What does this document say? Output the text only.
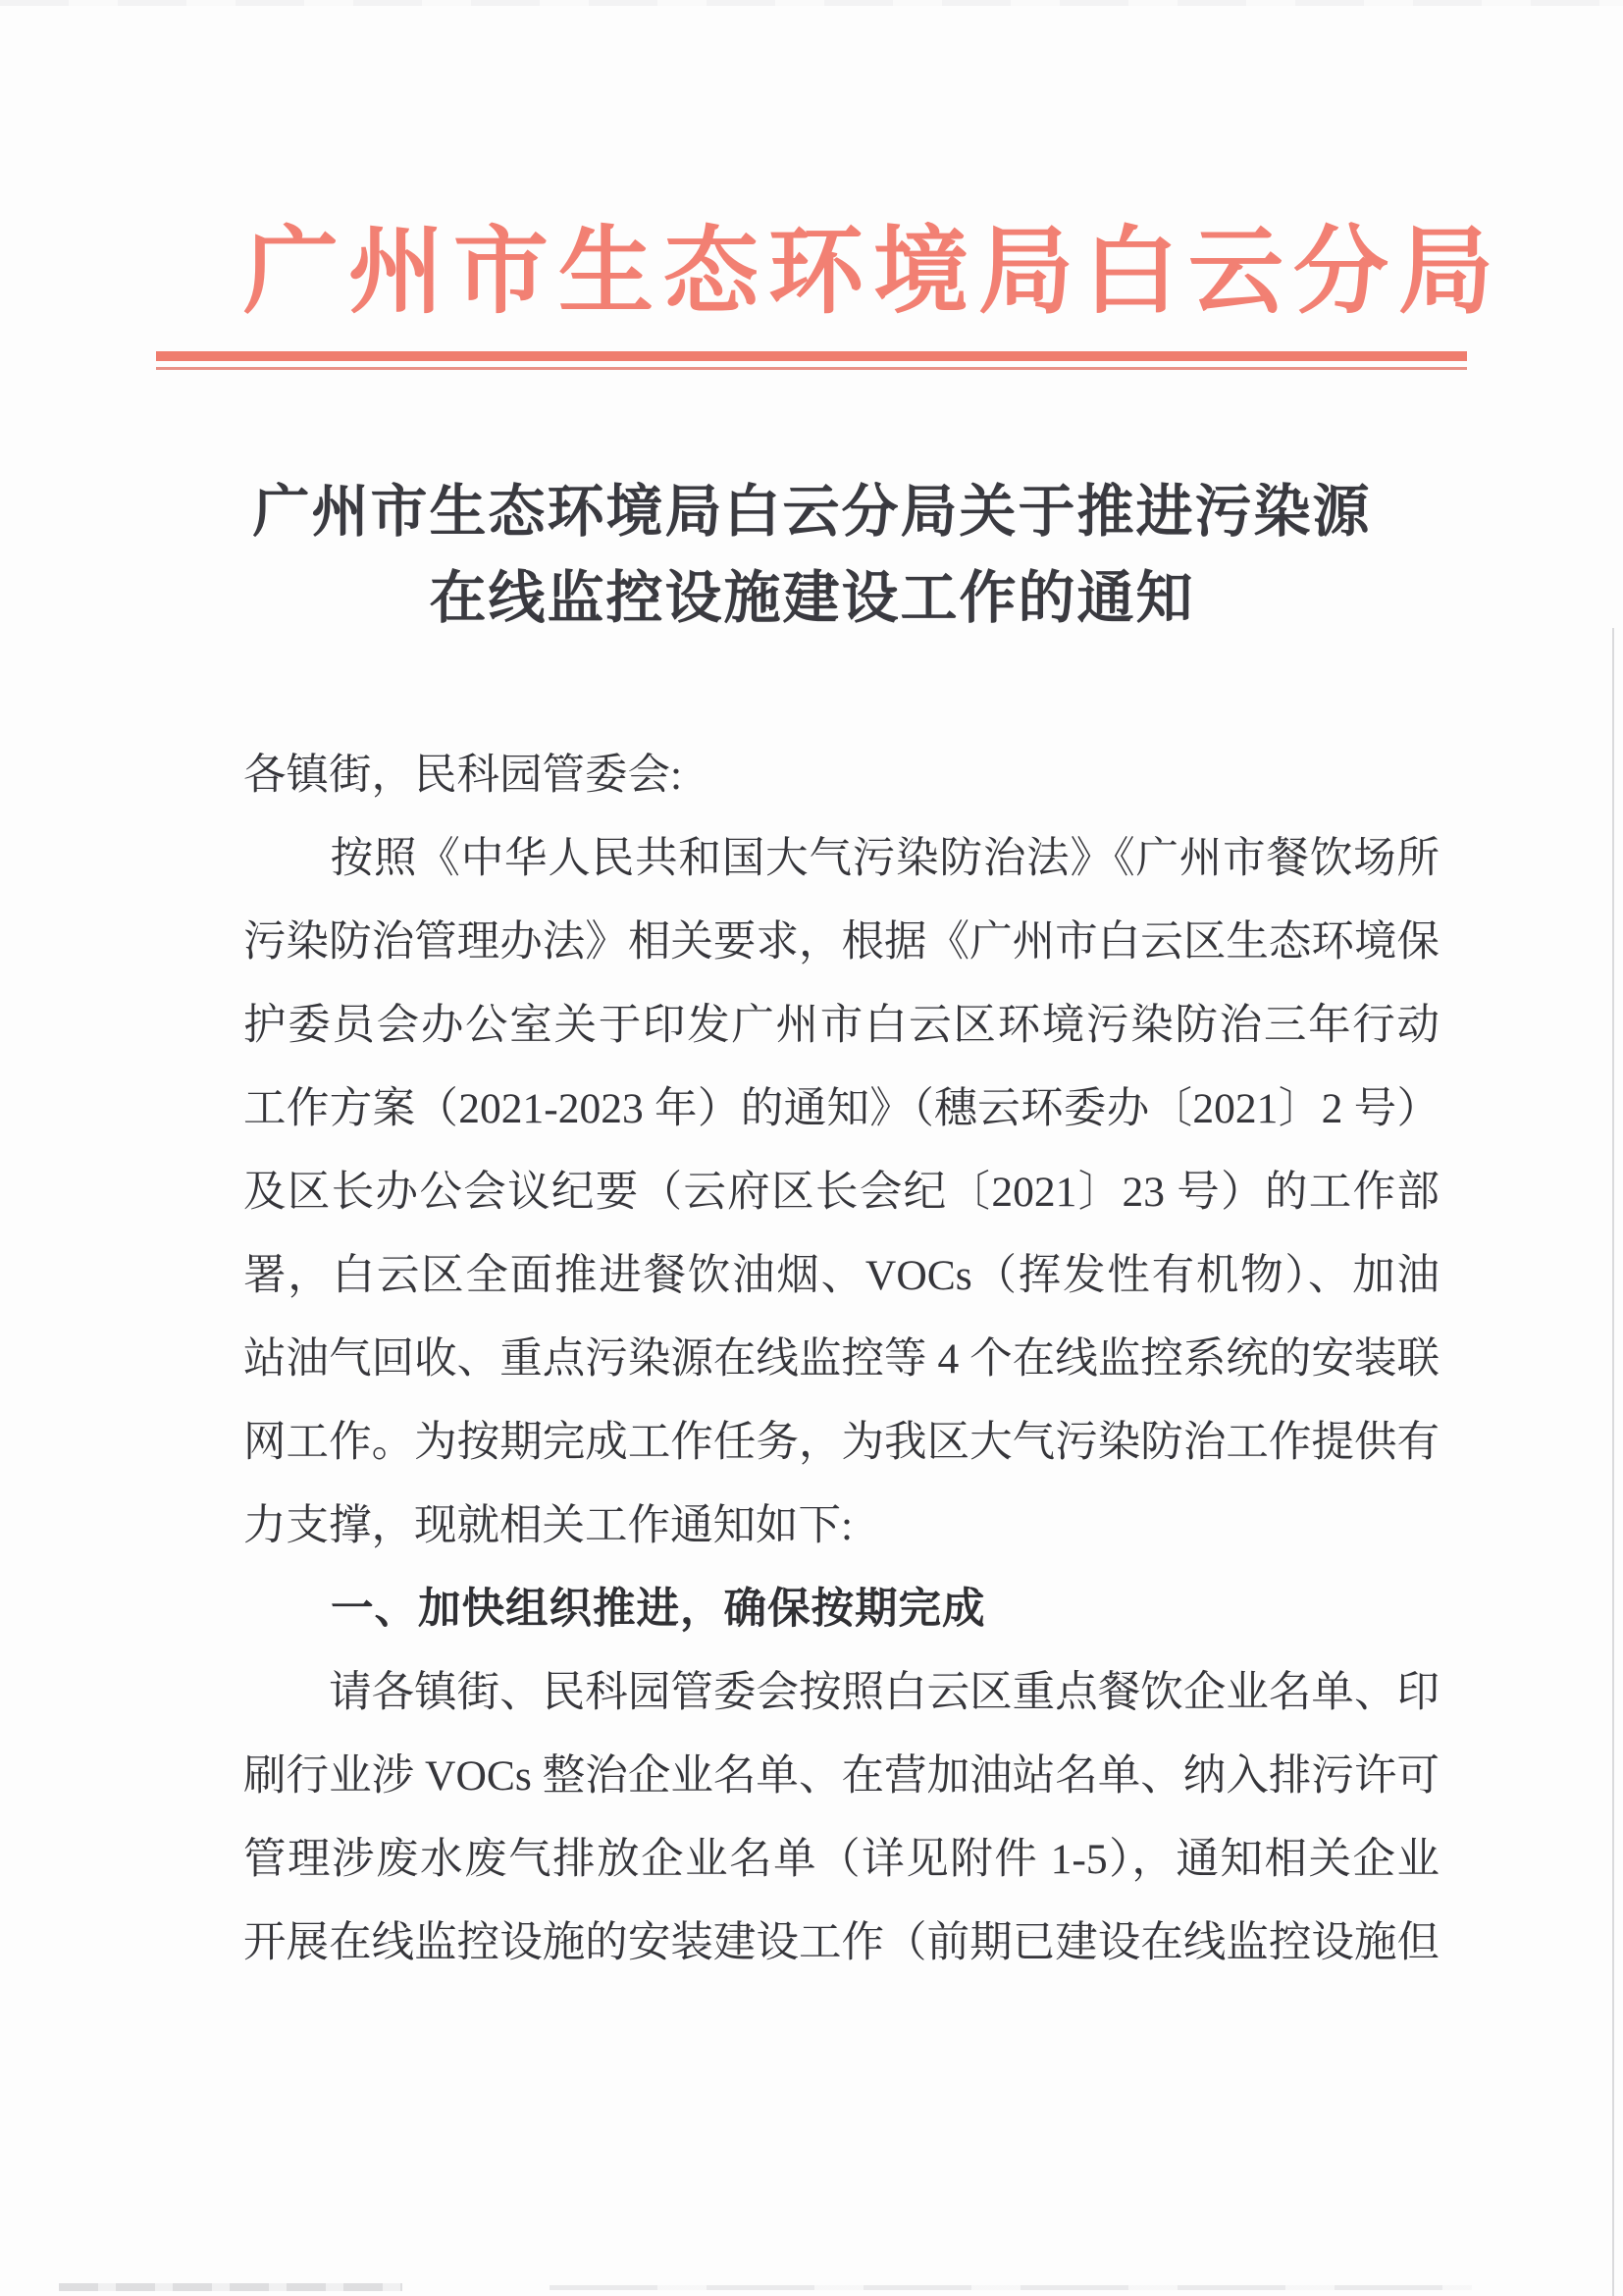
广州市生态环境局白云分局
广州市生态环境局白云分局关于推进污染源
在线监控设施建设工作的通知
各镇街，民科园管委会:
　　按照《中华人民共和国大气污染防治法》《广州市餐饮场所
污染防治管理办法》相关要求，根据《广州市白云区生态环境保
护委员会办公室关于印发广州市白云区环境污染防治三年行动
工作方案（2021-2023 年）的通知》（穗云环委办〔2021〕2 号）
及区长办公会议纪要（云府区长会纪〔2021〕23 号）的工作部
署，白云区全面推进餐饮油烟、VOCs（挥发性有机物）、加油
站油气回收、重点污染源在线监控等 4 个在线监控系统的安装联
网工作。为按期完成工作任务，为我区大气污染防治工作提供有
力支撑，现就相关工作通知如下:
　　一、加快组织推进，确保按期完成
　　请各镇街、民科园管委会按照白云区重点餐饮企业名单、印
刷行业涉 VOCs 整治企业名单、在营加油站名单、纳入排污许可
管理涉废水废气排放企业名单（详见附件 1-5），通知相关企业
开展在线监控设施的安装建设工作（前期已建设在线监控设施但
